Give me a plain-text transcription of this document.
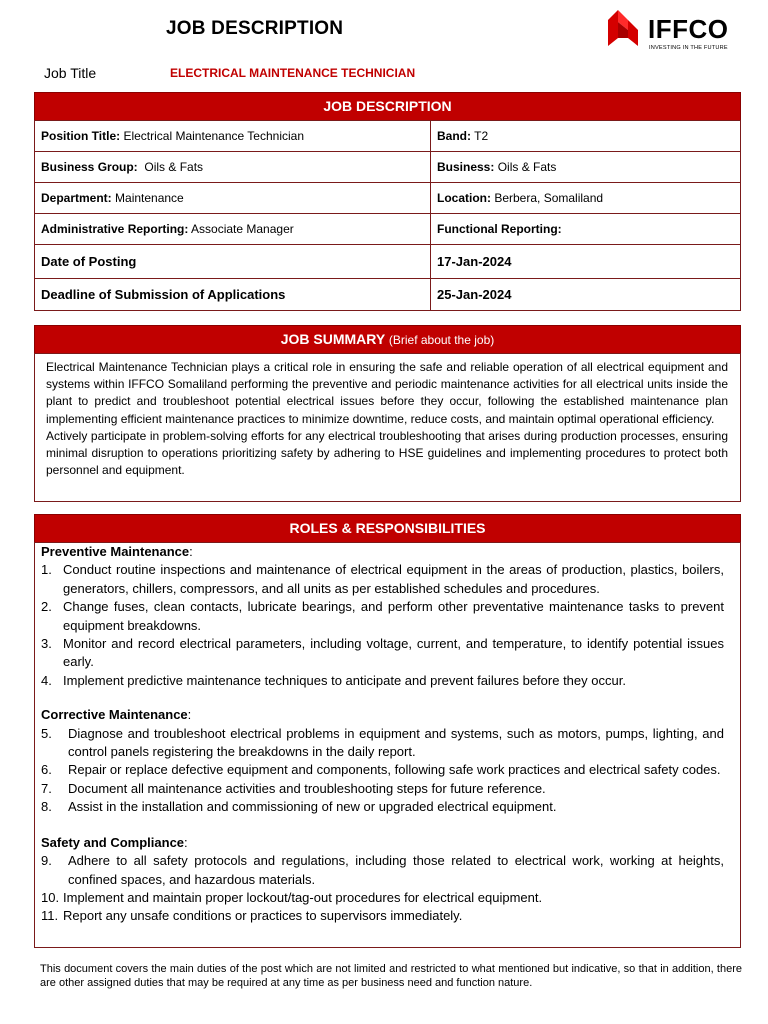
JOB DESCRIPTION	IFFCO
INVESTING IN THE FUTURE
Job Title	ELECTRICAL MAINTENANCE TECHNICIAN
JOB DESCRIPTION
Position Title: Electrical Maintenance Technician	Band: T2
Business Group:  Oils & Fats	Business: Oils & Fats
Department: Maintenance	Location: Berbera, Somaliland
Administrative Reporting: Associate Manager	Functional Reporting:
Date of Posting	17-Jan-2024
Deadline of Submission of Applications	25-Jan-2024
JOB SUMMARY (Brief about the job)
Electrical Maintenance Technician plays a critical role in ensuring the safe and reliable operation of all electrical equipment and systems within IFFCO Somaliland performing the preventive and periodic maintenance activities for all electrical units inside the plant to predict and troubleshoot potential electrical issues before they occur, following the established maintenance plan implementing efficient maintenance practices to minimize downtime, reduce costs, and maintain optimal operational efficiency.
Actively participate in problem-solving efforts for any electrical troubleshooting that arises during production processes, ensuring minimal disruption to operations prioritizing safety by adhering to HSE guidelines and implementing procedures to protect both personnel and equipment.
ROLES & RESPONSIBILITIES
Preventive Maintenance:
1. Conduct routine inspections and maintenance of electrical equipment in the areas of production, plastics, boilers, generators, chillers, compressors, and all units as per established schedules and procedures.
2. Change fuses, clean contacts, lubricate bearings, and perform other preventative maintenance tasks to prevent equipment breakdowns.
3. Monitor and record electrical parameters, including voltage, current, and temperature, to identify potential issues early.
4. Implement predictive maintenance techniques to anticipate and prevent failures before they occur.
Corrective Maintenance:
5. Diagnose and troubleshoot electrical problems in equipment and systems, such as motors, pumps, lighting, and control panels registering the breakdowns in the daily report.
6. Repair or replace defective equipment and components, following safe work practices and electrical safety codes.
7. Document all maintenance activities and troubleshooting steps for future reference.
8. Assist in the installation and commissioning of new or upgraded electrical equipment.
Safety and Compliance:
9. Adhere to all safety protocols and regulations, including those related to electrical work, working at heights, confined spaces, and hazardous materials.
10. Implement and maintain proper lockout/tag-out procedures for electrical equipment.
11. Report any unsafe conditions or practices to supervisors immediately.
This document covers the main duties of the post which are not limited and restricted to what mentioned but indicative, so that in addition, there are other assigned duties that may be required at any time as per business need and function nature.
